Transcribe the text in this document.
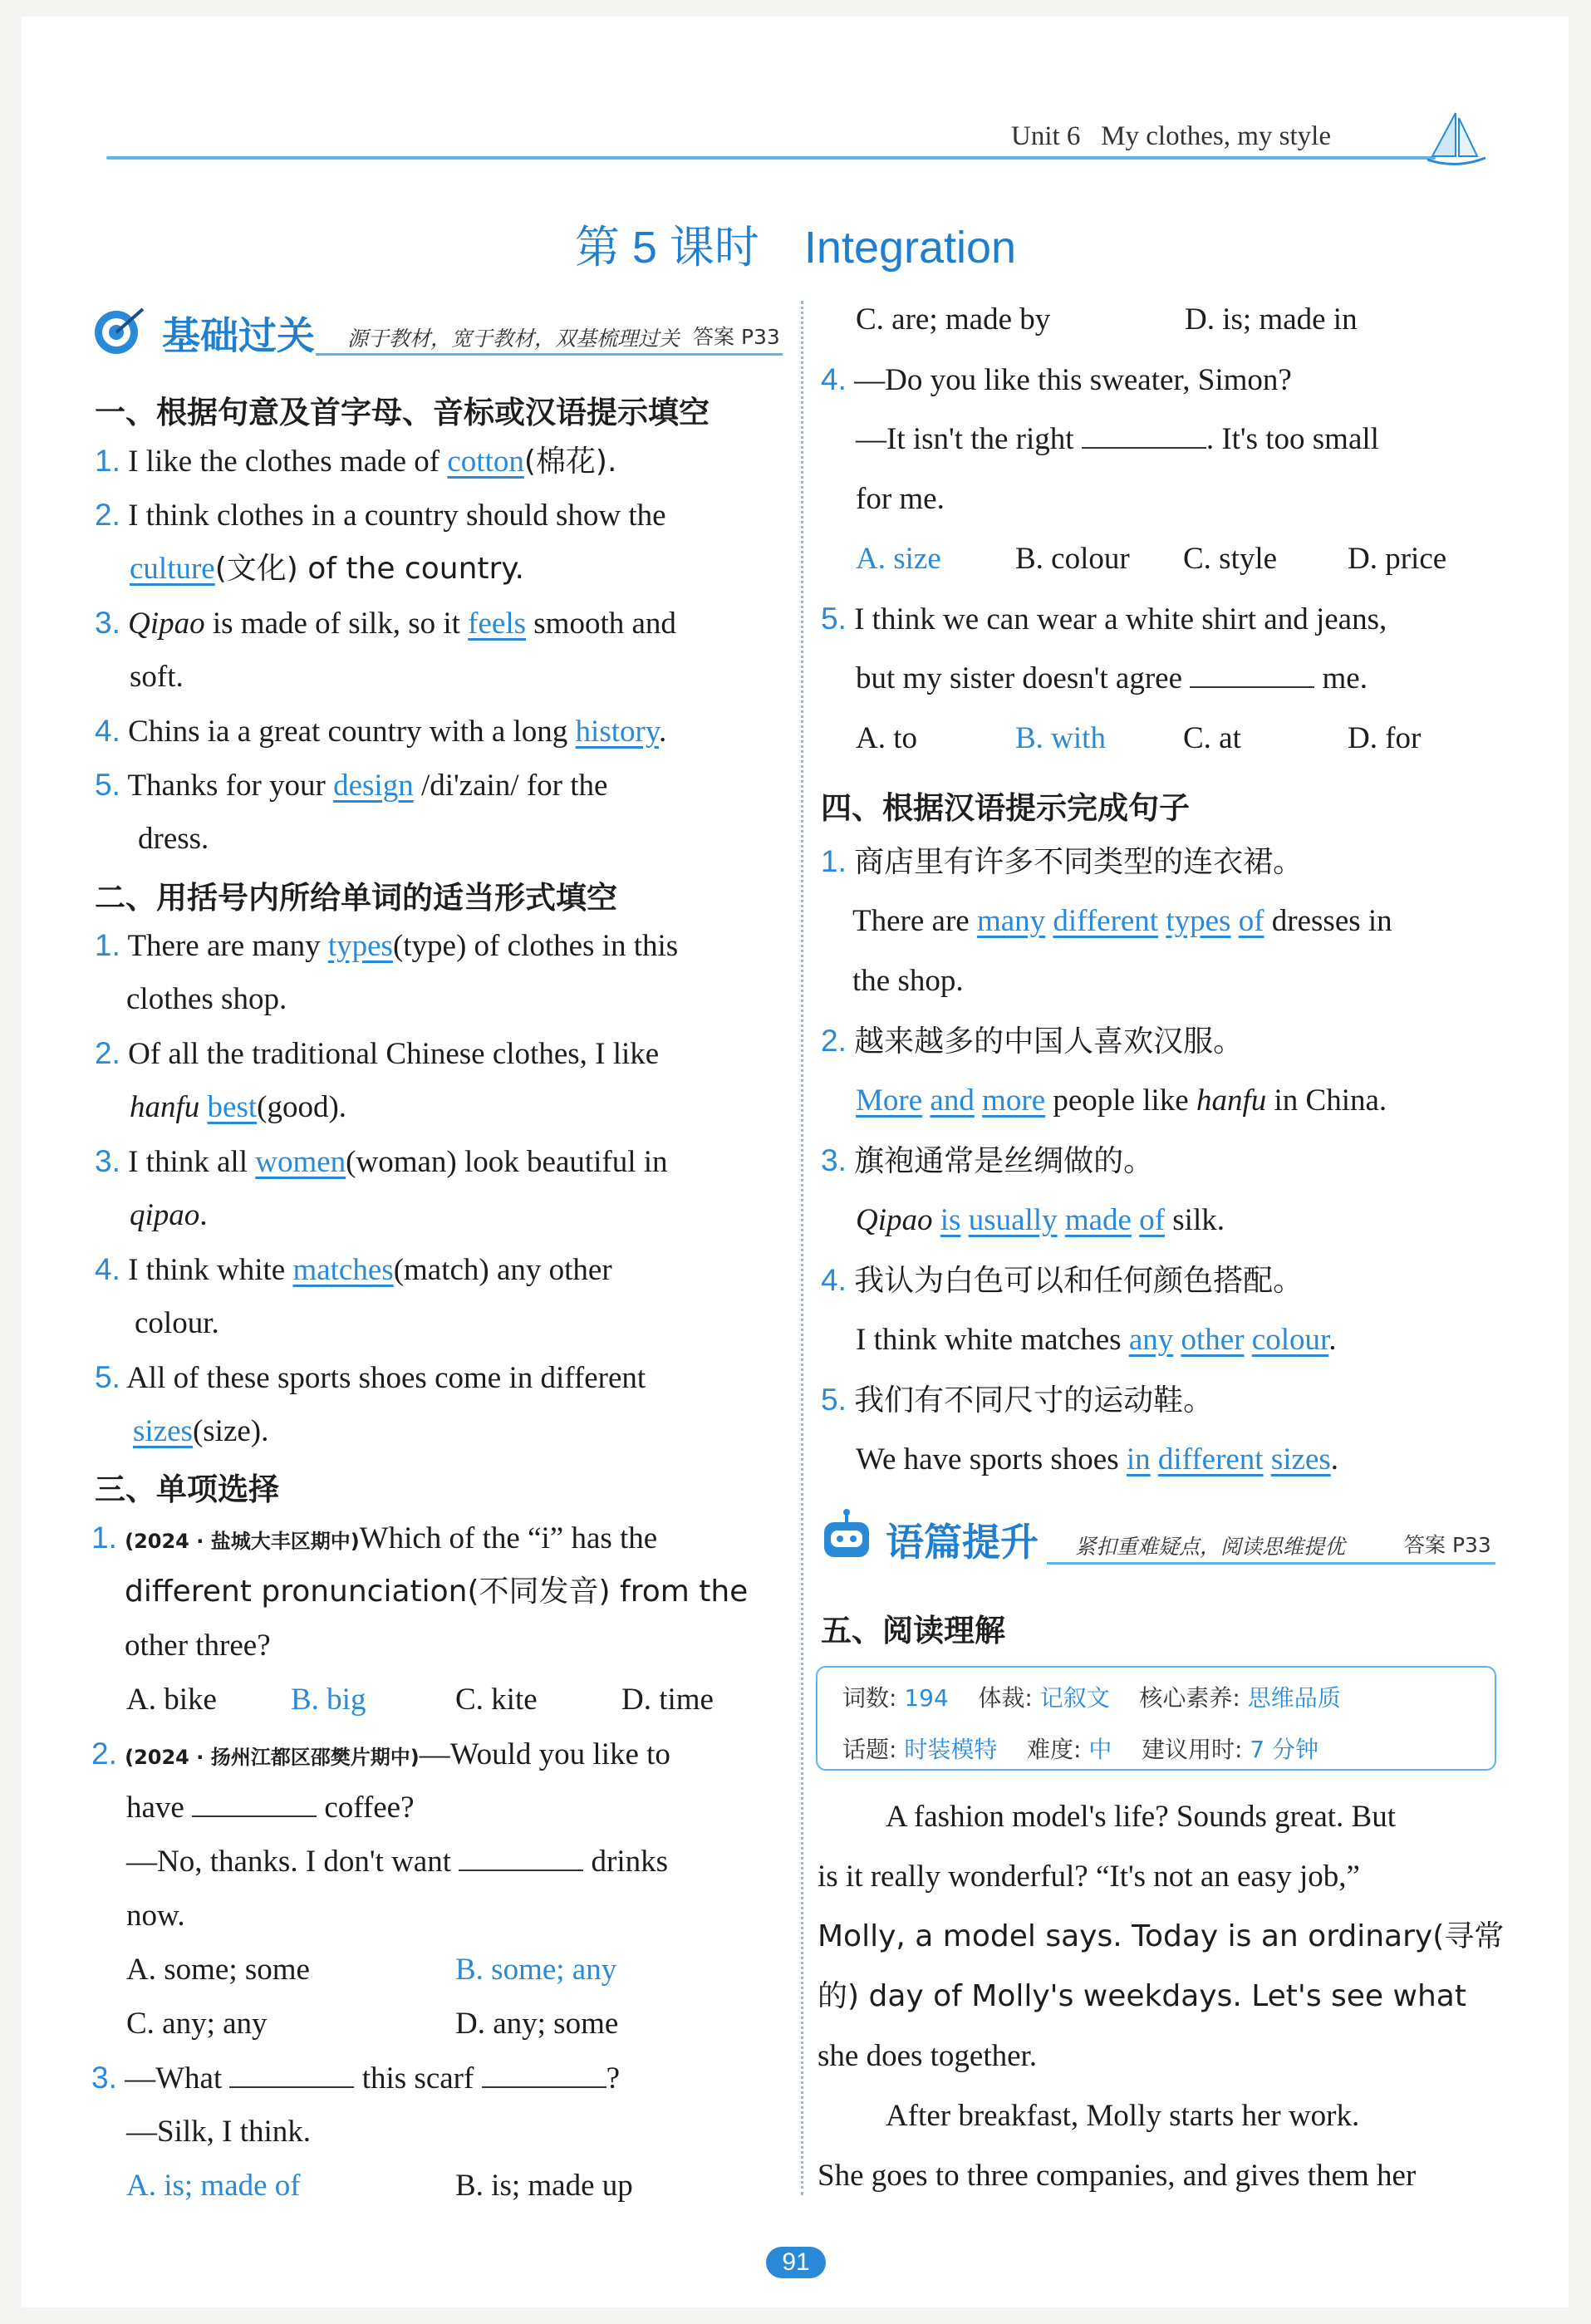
Unit 6 My clothes, my style
第 5 课时　Integration
基础过关 源于教材，宽于教材，双基梳理过关 答案 P33
一、根据句意及首字母、音标或汉语提示填空
1. I like the clothes made of cotton(棉花).
2. I think clothes in a country should show the
culture(文化) of the country.
3. Qipao is made of silk, so it feels smooth and
soft.
4. Chins ia a great country with a long history.
5. Thanks for your design /di'zain/ for the
dress.
二、用括号内所给单词的适当形式填空
1. There are many types(type) of clothes in this
clothes shop.
2. Of all the traditional Chinese clothes, I like
hanfu best(good).
3. I think all women(woman) look beautiful in
qipao.
4. I think white matches(match) any other
colour.
5. All of these sports shoes come in different
sizes(size).
三、单项选择
1. (2024 · 盐城大丰区期中)Which of the “i” has the
different pronunciation(不同发音) from the
other three?
A. bike B. big	C. kite	D. time
2. (2024 · 扬州江都区邵樊片期中)—Would you like to
have	coffee?
—No, thanks. I don't want	drinks
now.
A. some; some	B. some; any
C. any; any	D. any; some
3. —What	this scarf	?
—Silk, I think.
A. is; made of	B. is; made up
C. are; made by	D. is; made in
4. —Do you like this sweater, Simon?
—It isn't the right	. It's too small
for me.
A. size B. colour C. style D. price
5. I think we can wear a white shirt and jeans,
but my sister doesn't agree	me.
A. to	B. with	C. at	D. for
四、根据汉语提示完成句子
1. 商店里有许多不同类型的连衣裙。
There are many different types of dresses in
the shop.
2. 越来越多的中国人喜欢汉服。
More and more people like hanfu in China.
3. 旗袍通常是丝绸做的。
Qipao is usually made of silk.
4. 我认为白色可以和任何颜色搭配。
I think white matches any other colour.
5. 我们有不同尺寸的运动鞋。
We have sports shoes in different sizes.
语篇提升 紧扣重难疑点，阅读思维提优	答案 P33
五、阅读理解
词数: 194 体裁: 记叙文 核心素养: 思维品质
话题: 时装模特 难度: 中 建议用时: 7 分钟
A fashion model's life? Sounds great. But
is it really wonderful? “It's not an easy job,”
Molly, a model says. Today is an ordinary(寻常
的) day of Molly's weekdays. Let's see what
she does together.
After breakfast, Molly starts her work.
She goes to three companies, and gives them her
91
